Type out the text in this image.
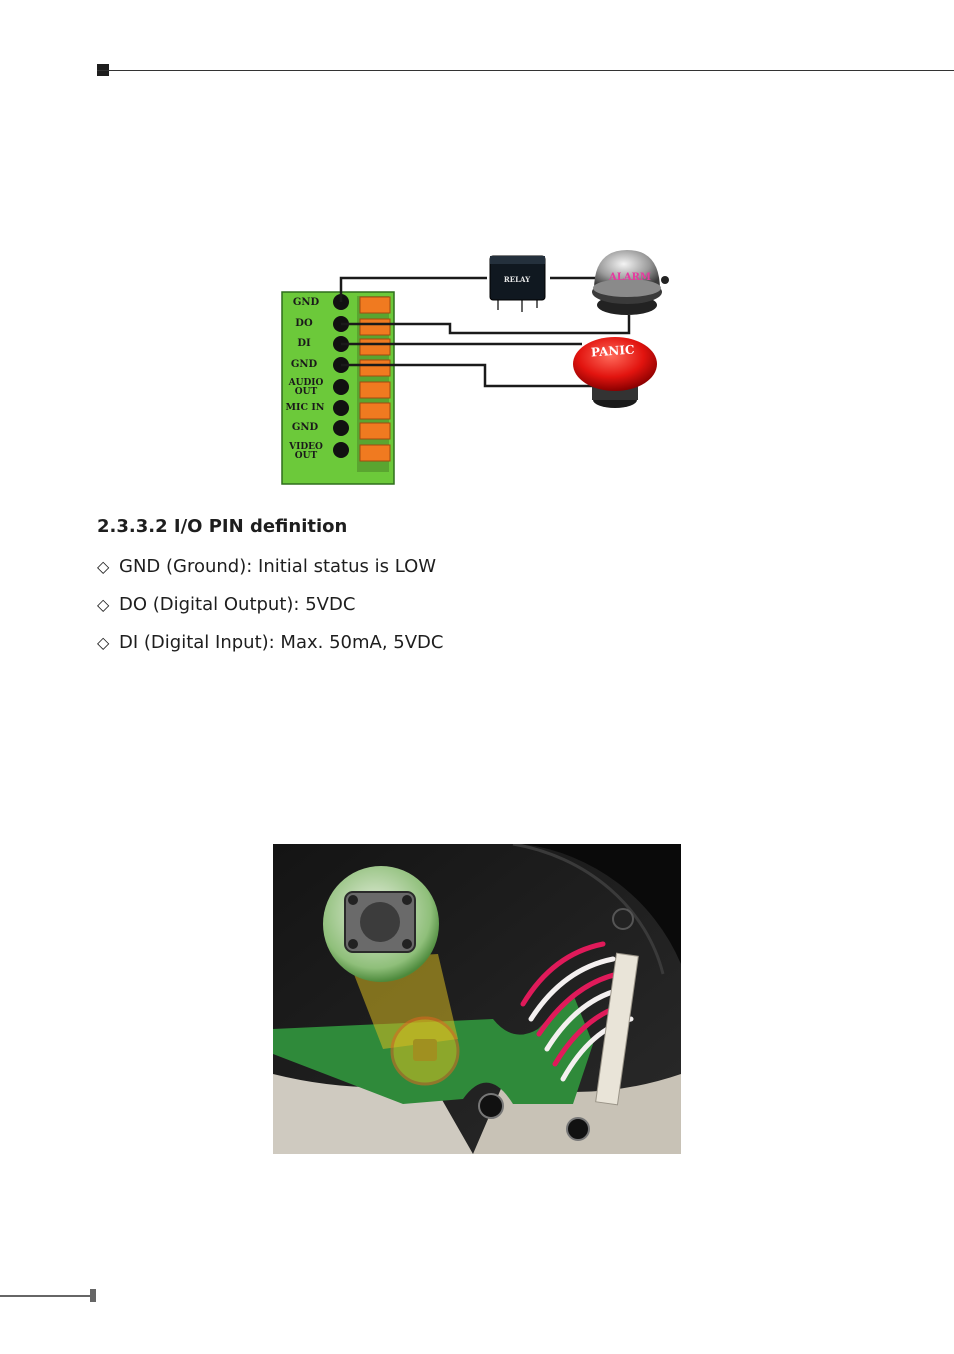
GND
DO
DI
GND
AUDIO OUT
MIC IN
GND
VIDEO OUT
RELAY	ALARM
PANIC
2.3.3.2 I/O PIN definition
◇ GND (Ground): Initial status is LOW
◇ DO (Digital Output): 5VDC
◇ DI (Digital Input): Max. 50mA, 5VDC
